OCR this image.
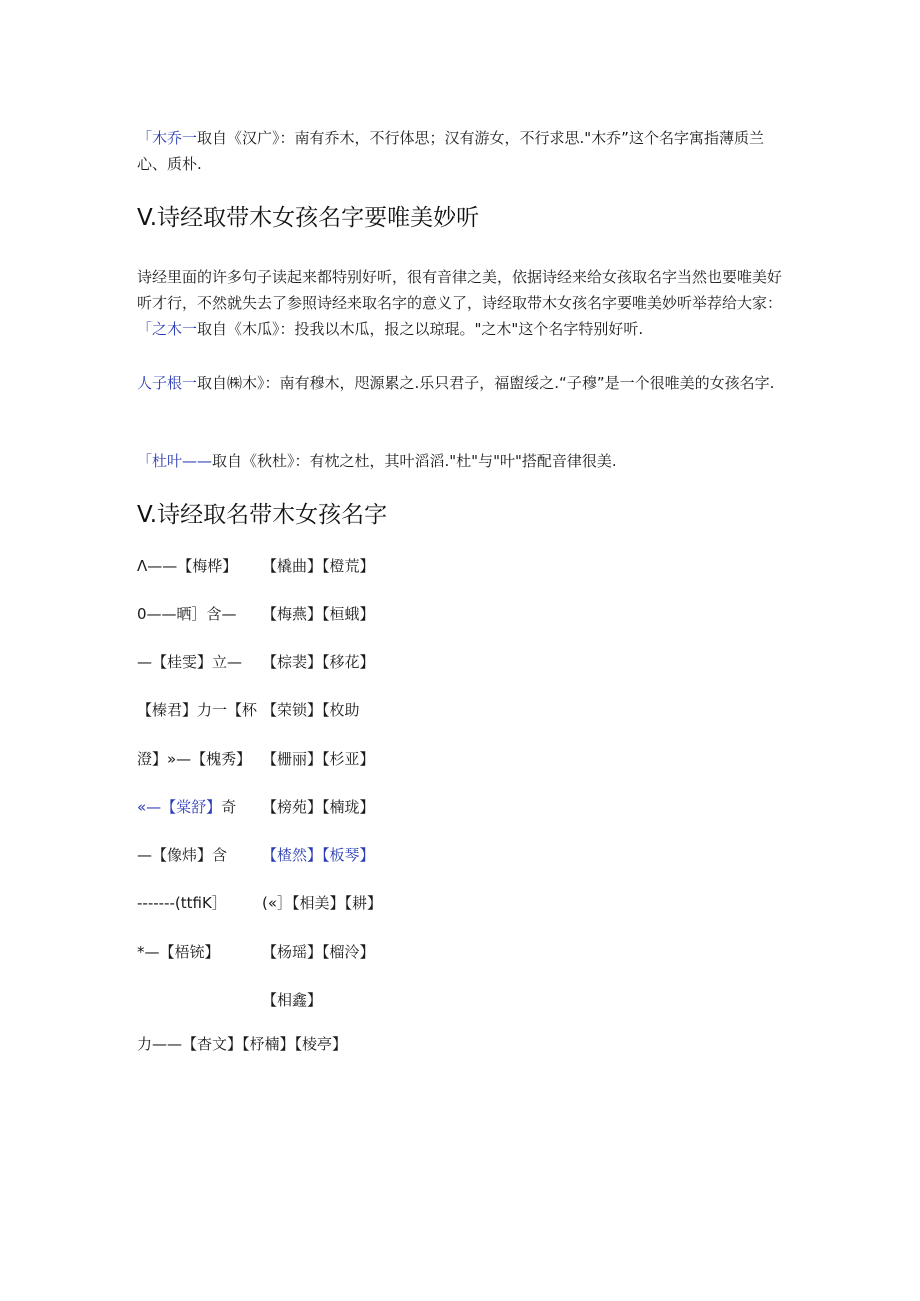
「木乔一取自《汉广》：南有乔木，不行体思；汉有游女，不行求思."木乔”这个名字寓指薄质兰心、质朴.

V.诗经取带木女孩名字要唯美妙听

诗经里面的许多句子读起来都特别好听，很有音律之美，依据诗经来给女孩取名字当然也要唯美好听才行，不然就失去了参照诗经来取名字的意义了，诗经取带木女孩名字要唯美妙听举荐给大家：「之木一取自《木瓜》：投我以木瓜，报之以琼琨。"之木"这个名字特别好听.

人子根一取自㈱木》：南有穆木，咫源累之.乐只君子，福盥绥之.“子穆”是一个很唯美的女孩名字.

「杜叶——取自《秋杜》：有枕之杜，其叶滔滔."杜"与"叶"搭配音律很美.

V.诗经取名带木女孩名字
Λ——【梅桦】 【橇曲】【橙荒】
0——晒］含— 【梅燕】【桓蛾】
—【桂雯】立— 【棕裴】【移花】
【榛君】力一【杯 【荣锁】【枚助
澄】»—【槐秀】 【栅丽】【杉亚】
«—【棠舒】奇 【榜苑】【楠珑】
—【像炜】含 【楂然】【板琴】
-------(ttfiK］ («］【相美】【耕】
*—【梧铳】	【杨瑶】【榴泠】
【相鑫】
力——【杳文】【杼楠】【棱亭】
